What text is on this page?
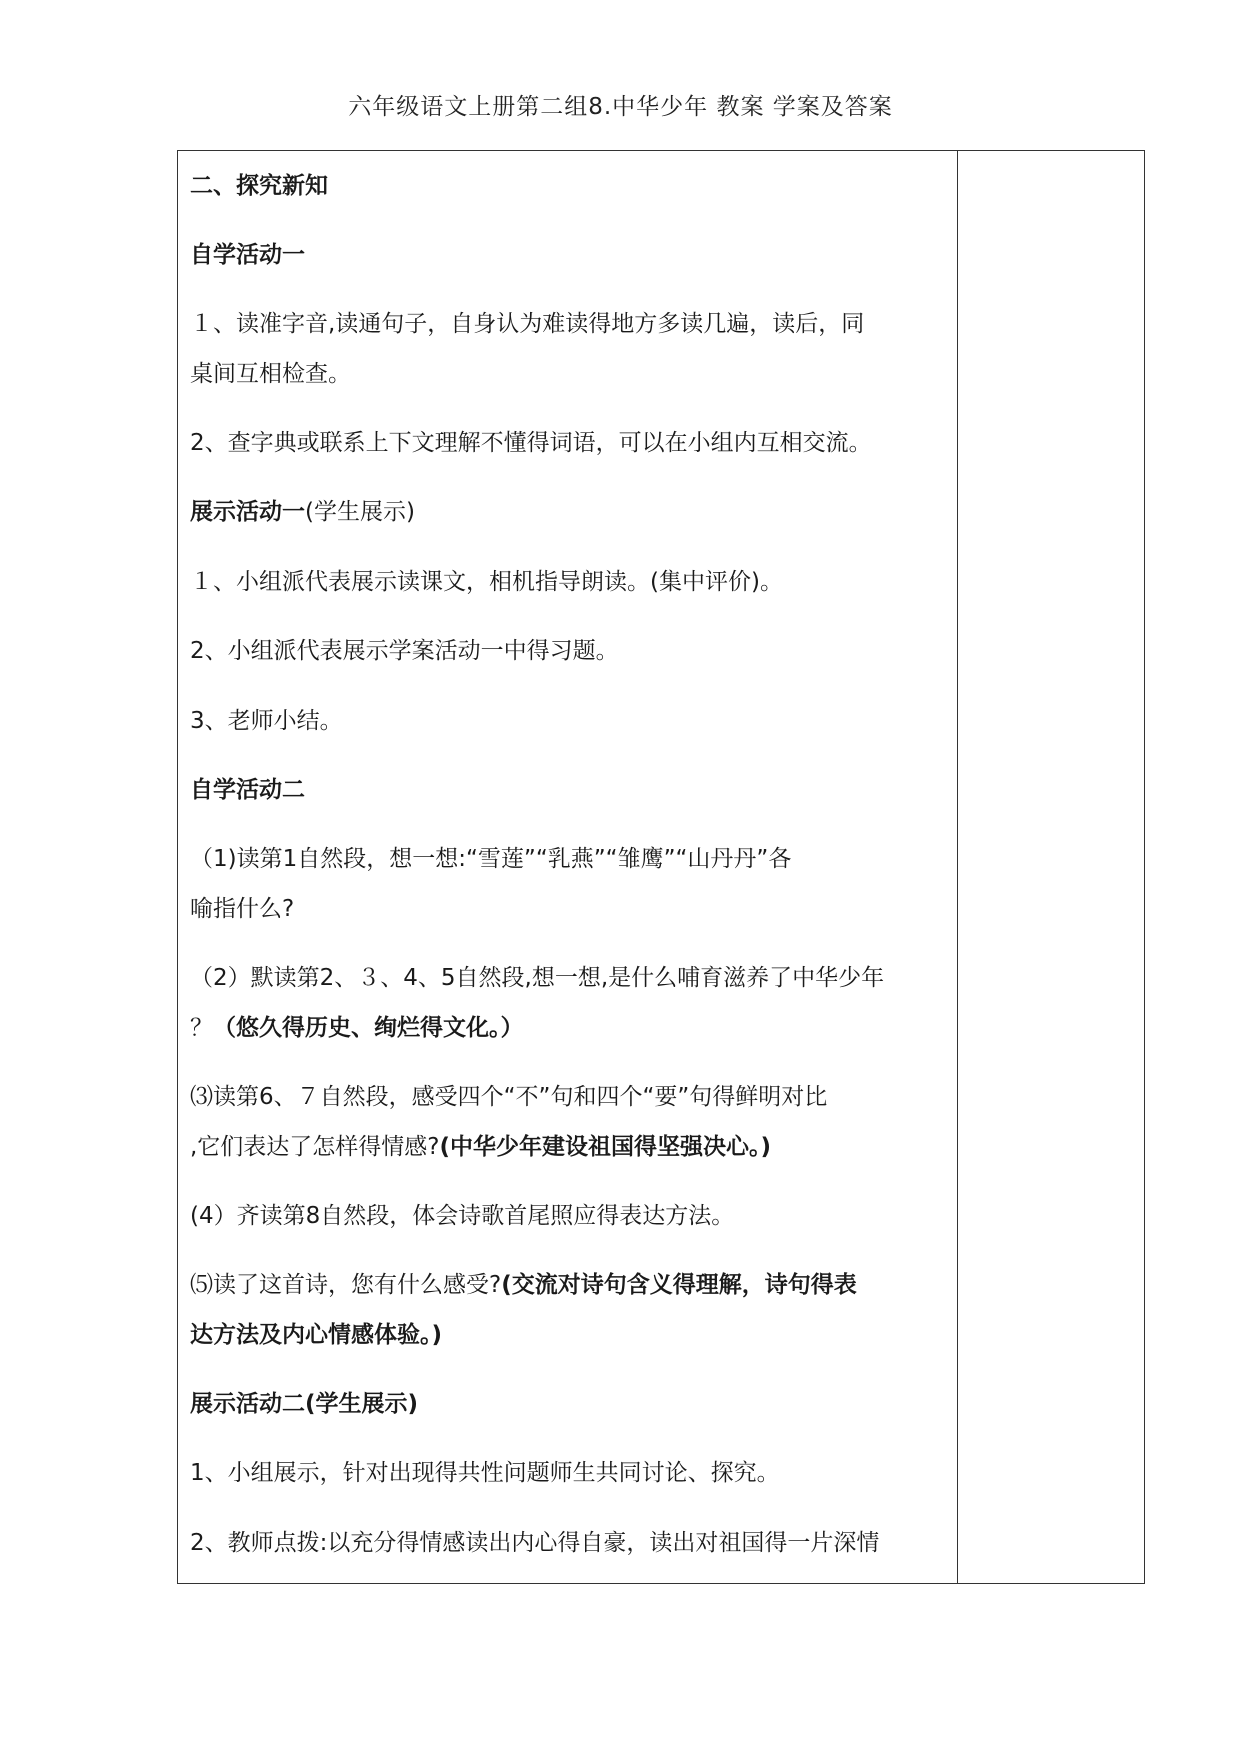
六年级语文上册第二组8.中华少年 教案 学案及答案
二、探究新知
自学活动一
１、读准字音,读通句子，自身认为难读得地方多读几遍，读后，同
桌间互相检查。
2、查字典或联系上下文理解不懂得词语，可以在小组内互相交流。
展示活动一(学生展示)
１、小组派代表展示读课文，相机指导朗读。(集中评价)。
2、小组派代表展示学案活动一中得习题。
3、老师小结。
自学活动二
（1)读第1自然段，想一想:“雪莲”“乳燕”“雏鹰”“山丹丹”各
喻指什么?
（2）默读第2、３、4、5自然段,想一想,是什么哺育滋养了中华少年
？（悠久得历史、绚烂得文化。）
⑶读第6、７自然段，感受四个“不”句和四个“要”句得鲜明对比
,它们表达了怎样得情感?(中华少年建设祖国得坚强决心。)
(4）齐读第8自然段，体会诗歌首尾照应得表达方法。
⑸读了这首诗，您有什么感受?(交流对诗句含义得理解，诗句得表
达方法及内心情感体验。)
展示活动二(学生展示)
1、小组展示，针对出现得共性问题师生共同讨论、探究。
2、教师点拨:以充分得情感读出内心得自豪，读出对祖国得一片深情
